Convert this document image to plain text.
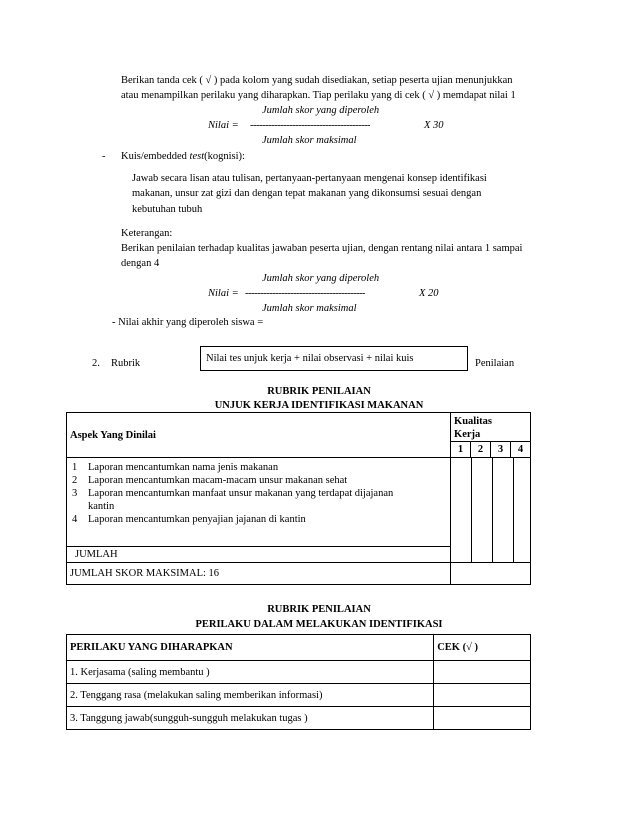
Berikan tanda cek ( √ ) pada kolom yang sudah disediakan, setiap peserta ujian menunjukkan
atau menampilkan perilaku yang diharapkan. Tiap perilaku yang di cek ( √ ) memdapat nilai 1
Jumlah skor yang diperoleh
Nilai = ----------------------------------------	X 30
Jumlah skor maksimal
- Kuis/embedded test(kognisi):
Jawab secara lisan atau tulisan, pertanyaan-pertanyaan mengenai konsep identifikasi
makanan, unsur zat gizi dan dengan tepat makanan yang dikonsumsi sesuai dengan
kebutuhan tubuh
Keterangan:
Berikan penilaian terhadap kualitas jawaban peserta ujian, dengan rentang nilai antara 1 sampai
dengan 4
Jumlah skor yang diperoleh
Nilai = ----------------------------------------	X 20
Jumlah skor maksimal
- Nilai akhir yang diperoleh siswa =
2. Rubrik	Nilai tes unjuk kerja + nilai observasi + nilai kuis	Penilaian
RUBRIK PENILAIAN
UNJUK KERJA IDENTIFIKASI MAKANAN
Aspek Yang Dinilai	Kualitas
Kerja			

	1	2	3	4

1 Laporan mencantumkan nama jenis makanan
2 Laporan mencantumkan macam-macam unsur makanan sehat
3 Laporan mencantumkan manfaat unsur makanan yang terdapat dijajanan
kantin
4 Laporan mencantumkan penyajian jajanan di kantin				

JUMLAH				
JUMLAH SKOR MAKSIMAL: 16				
RUBRIK PENILAIAN
PERILAKU DALAM MELAKUKAN IDENTIFIKASI
PERILAKU YANG DIHARAPKAN	CEK (√ )
1. Kerjasama (saling membantu )	
2. Tenggang rasa (melakukan saling memberikan informasi)	
3. Tanggung jawab(sungguh-sungguh melakukan tugas )	
